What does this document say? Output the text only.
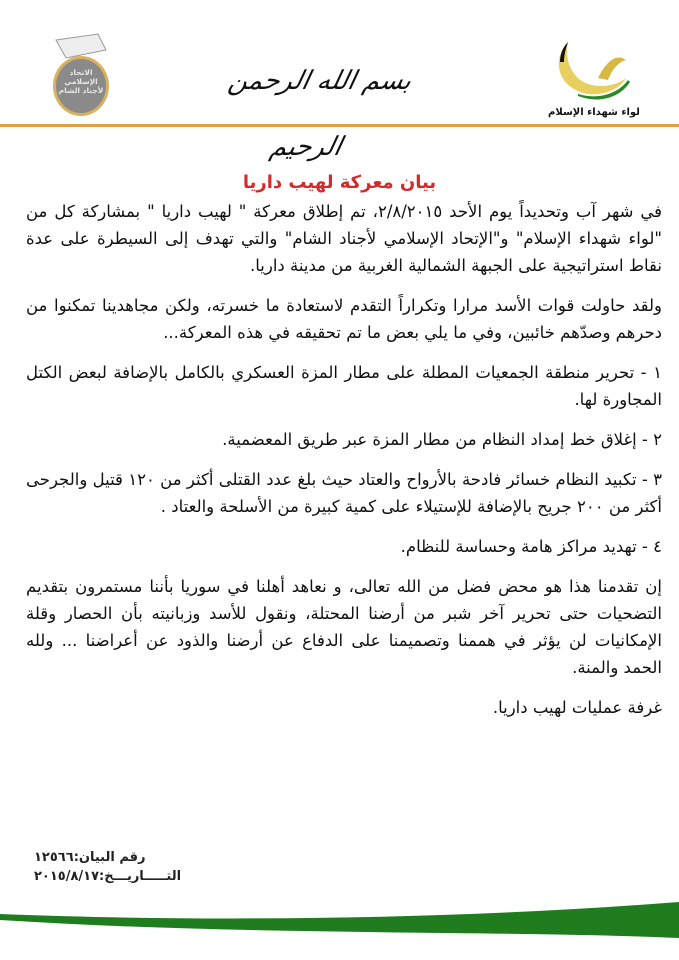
الاتحاد الإسلامي لأجناد الشام	بسم الله الرحمن الرحيم
لواء شهداء الإسلام
بيان معركة لهيب داريا

في شهر آب وتحديداً يوم الأحد ٢/٨/٢٠١٥، تم إطلاق معركة " لهيب داريا " بمشاركة كل من "لواء شهداء الإسلام" و"الإتحاد الإسلامي لأجناد الشام" والتي تهدف إلى السيطرة على عدة نقاط استراتيجية على الجبهة الشمالية الغربية من مدينة داريا.

ولقد حاولت قوات الأسد مرارا وتكراراً التقدم لاستعادة ما خسرته، ولكن مجاهدينا تمكنوا من دحرهم وصدّهم خائبين، وفي ما يلي بعض ما تم تحقيقه في هذه المعركة...

١ - تحرير منطقة الجمعيات المطلة على مطار المزة العسكري بالكامل بالإضافة لبعض الكتل المجاورة لها.

٢ - إغلاق خط إمداد النظام من مطار المزة عبر طريق المعضمية.

٣ - تكبيد النظام خسائر فادحة بالأرواح والعتاد حيث بلغ عدد القتلى أكثر من ١٢٠ قتيل والجرحى أكثر من ٢٠٠ جريح بالإضافة للإستيلاء على كمية كبيرة من الأسلحة والعتاد .

٤ - تهديد مراكز هامة وحساسة للنظام.

إن تقدمنا هذا هو محض فضل من الله تعالى، و نعاهد أهلنا في سوريا بأننا مستمرون بتقديم التضحيات حتى تحرير آخر شبر من أرضنا المحتلة، ونقول للأسد وزبانيته بأن الحصار وقلة الإمكانيات لن يؤثر في هممنا وتصميمنا على الدفاع عن أرضنا والذود عن أعراضنا ... ولله الحمد والمنة.

غرفة عمليات لهيب داريا.

رقم البيان:١٢٥٦٦
التـــــاريـــخ:٢٠١٥/٨/١٧
